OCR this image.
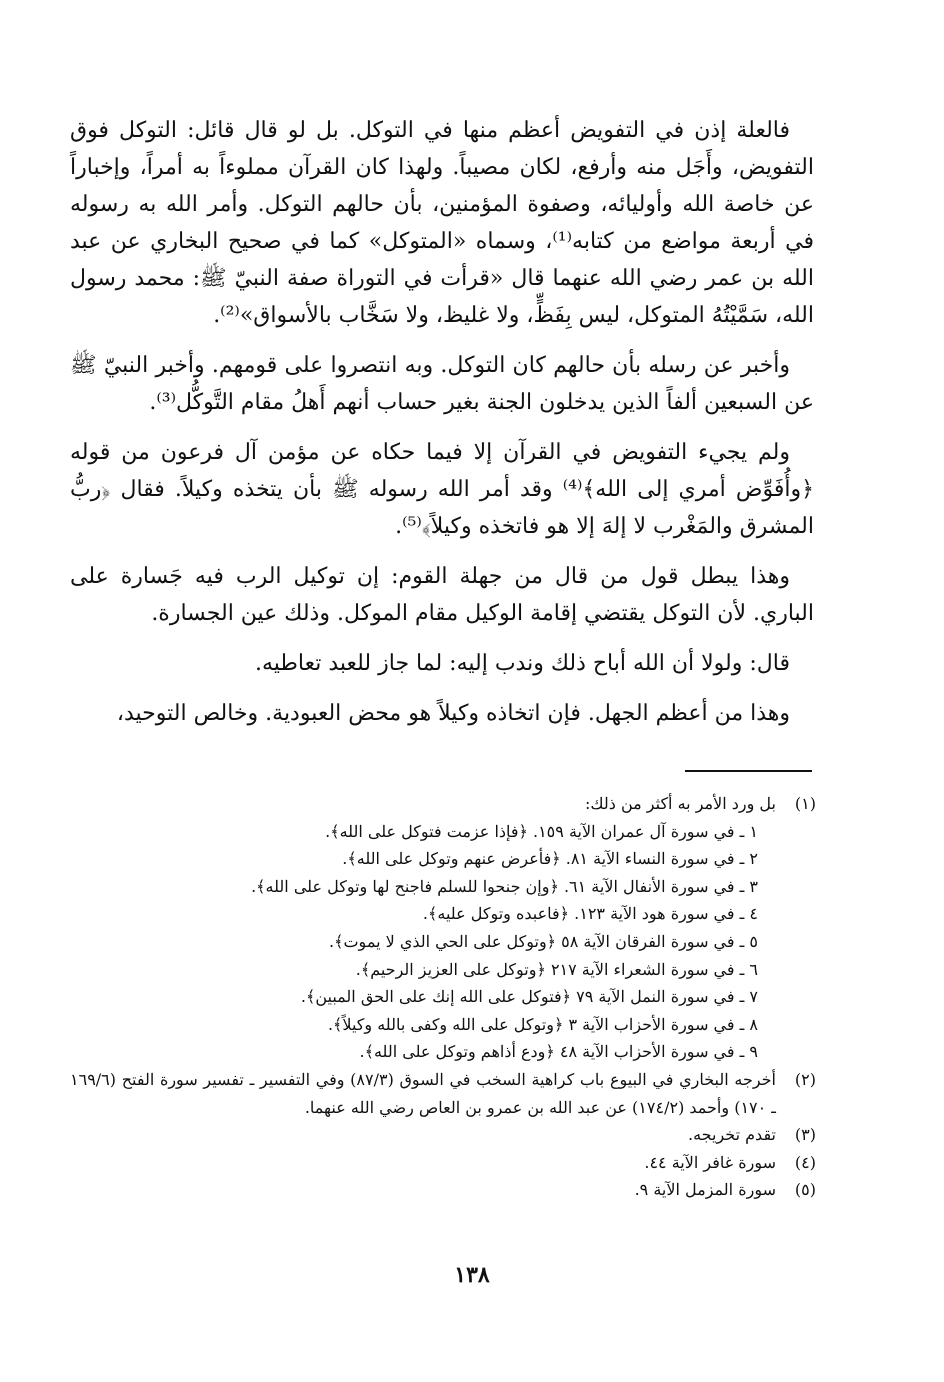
فالعلة إذن في التفويض أعظم منها في التوكل. بل لو قال قائل: التوكل فوق التفويض، وأَجَل منه وأرفع، لكان مصيباً. ولهذا كان القرآن مملوءاً به أمراً، وإخباراً عن خاصة الله وأوليائه، وصفوة المؤمنين، بأن حالهم التوكل. وأمر الله به رسوله في أربعة مواضع من كتابه⁽¹⁾، وسماه «المتوكل» كما في صحيح البخاري عن عبد الله بن عمر رضي الله عنهما قال «قرأت في التوراة صفة النبيّ ﷺ: محمد رسول الله، سَمَّيْتُهُ المتوكل، ليس بِفَظٍّ، ولا غليظ، ولا سَخَّاب بالأسواق»⁽²⁾.

وأخبر عن رسله بأن حالهم كان التوكل. وبه انتصروا على قومهم. وأخبر النبيّ ﷺ عن السبعين ألفاً الذين يدخلون الجنة بغير حساب أنهم أَهلُ مقام التَّوكُّل⁽³⁾.

ولم يجيء التفويض في القرآن إلا فيما حكاه عن مؤمن آل فرعون من قوله ﴿وأُفَوِّض أمري إلى الله﴾⁽⁴⁾ وقد أمر الله رسوله ﷺ بأن يتخذه وكيلاً. فقال ﴿ربُّ المشرق والمَغْرب لا إلهَ إلا هو فاتخذه وكيلاً﴾⁽⁵⁾.

وهذا يبطل قول من قال من جهلة القوم: إن توكيل الرب فيه جَسارة على الباري. لأن التوكل يقتضي إقامة الوكيل مقام الموكل. وذلك عين الجسارة.

قال: ولولا أن الله أباح ذلك وندب إليه: لما جاز للعبد تعاطيه.

وهذا من أعظم الجهل. فإن اتخاذه وكيلاً هو محض العبودية. وخالص التوحيد،

(١)
بل ورد الأمر به أكثر من ذلك:
١ ـ في سورة آل عمران الآية ١٥٩. ﴿فإذا عزمت فتوكل على الله﴾.
٢ ـ في سورة النساء الآية ٨١. ﴿فأعرض عنهم وتوكل على الله﴾.
٣ ـ في سورة الأنفال الآية ٦١. ﴿وإن جنحوا للسلم فاجنح لها وتوكل على الله﴾.
٤ ـ في سورة هود الآية ١٢٣. ﴿فاعبده وتوكل عليه﴾.
٥ ـ في سورة الفرقان الآية ٥٨ ﴿وتوكل على الحي الذي لا يموت﴾.
٦ ـ في سورة الشعراء الآية ٢١٧ ﴿وتوكل على العزيز الرحيم﴾.
٧ ـ في سورة النمل الآية ٧٩ ﴿فتوكل على الله إنك على الحق المبين﴾.
٨ ـ في سورة الأحزاب الآية ٣ ﴿وتوكل على الله وكفى بالله وكيلاً﴾.
٩ ـ في سورة الأحزاب الآية ٤٨ ﴿ودع أذاهم وتوكل على الله﴾.
(٢)
أخرجه البخاري في البيوع باب كراهية السخب في السوق (٨٧/٣) وفي التفسير ـ تفسير سورة الفتح (١٦٩/٦ ـ ١٧٠) وأحمد (١٧٤/٢) عن عبد الله بن عمرو بن العاص رضي الله عنهما.
(٣)
تقدم تخريجه.
(٤)
سورة غافر الآية ٤٤.
(٥)
سورة المزمل الآية ٩.
١٣٨
